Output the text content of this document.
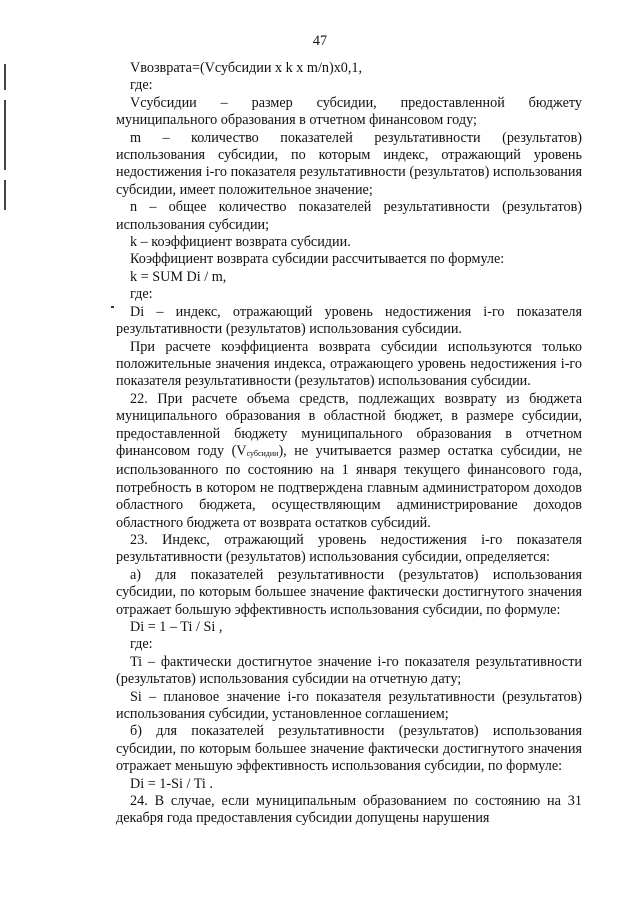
47

Vвозврата=(Vсубсидии x k x m/n)x0,1,

где:

Vсубсидии – размер субсидии, предоставленной бюджету муниципального образования в отчетном финансовом году;

m – количество показателей результативности (результатов) использования субсидии, по которым индекс, отражающий уровень недостижения i-го показателя результативности (результатов) использования субсидии, имеет положительное значение;

n – общее количество показателей результативности (результатов) использования субсидии;

k – коэффициент возврата субсидии.

Коэффициент возврата субсидии рассчитывается по формуле:

k = SUM Di / m,

где:

Di – индекс, отражающий уровень недостижения i-го показателя результативности (результатов) использования субсидии.

При расчете коэффициента возврата субсидии используются только положительные значения индекса, отражающего уровень недостижения i-го показателя результативности (результатов) использования субсидии.

22. При расчете объема средств, подлежащих возврату из бюджета муниципального образования в областной бюджет, в размере субсидии, предоставленной бюджету муниципального образования в отчетном финансовом году (Vсубсидии), не учитывается размер остатка субсидии, не использованного по состоянию на 1 января текущего финансового года, потребность в котором не подтверждена главным администратором доходов областного бюджета, осуществляющим администрирование доходов областного бюджета от возврата остатков субсидий.

23. Индекс, отражающий уровень недостижения i-го показателя результативности (результатов) использования субсидии, определяется:

а) для показателей результативности (результатов) использования субсидии, по которым большее значение фактически достигнутого значения отражает большую эффективность использования субсидии, по формуле:

Di = 1 – Ti / Si ,

где:

Ti – фактически достигнутое значение i-го показателя результативности (результатов) использования субсидии на отчетную дату;

Si – плановое значение i-го показателя результативности (результатов) использования субсидии, установленное соглашением;

б) для показателей результативности (результатов) использования субсидии, по которым большее значение фактически достигнутого значения отражает меньшую эффективность использования субсидии, по формуле:

Di = 1-Si / Ti .

24. В случае, если муниципальным образованием по состоянию на 31 декабря года предоставления субсидии допущены нарушения
